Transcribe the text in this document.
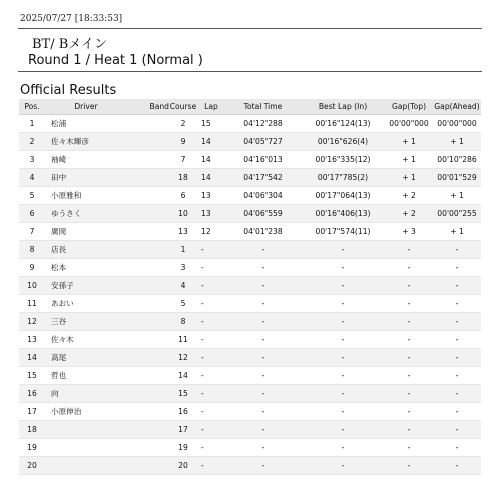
2025/07/27 [18:33:53]
BT/ Bメイン
Round 1 / Heat 1 (Normal )
Official Results
Pos.	Driver	Band	Course	Lap	Total Time	Best Lap (In)	Gap(Top)	Gap(Ahead)
1	松浦		2	15	04'12"288	00'16"124(13)	00'00"000	00'00"000
2	佐々木輝彦		9	14	04'05"727	00'16"626(4)	+ 1	+ 1
3	袖崎		7	14	04'16"013	00'16"335(12)	+ 1	00'10"286
4	田中		18	14	04'17"542	00'17"785(2)	+ 1	00'01"529
5	小原雅和		6	13	04'06"304	00'17"064(13)	+ 2	+ 1
6	ゆうさく		10	13	04'06"559	00'16"406(13)	+ 2	00'00"255
7	廣岡		13	12	04'01"238	00'17"574(11)	+ 3	+ 1
8	店長		1	-	-	-	-	-
9	松本		3	-	-	-	-	-
10	安孫子		4	-	-	-	-	-
11	あおい		5	-	-	-	-	-
12	三谷		8	-	-	-	-	-
13	佐々木		11	-	-	-	-	-
14	高尾		12	-	-	-	-	-
15	哲也		14	-	-	-	-	-
16	向		15	-	-	-	-	-
17	小原伸治		16	-	-	-	-	-
18			17	-	-	-	-	-
19			19	-	-	-	-	-
20			20	-	-	-	-	-
